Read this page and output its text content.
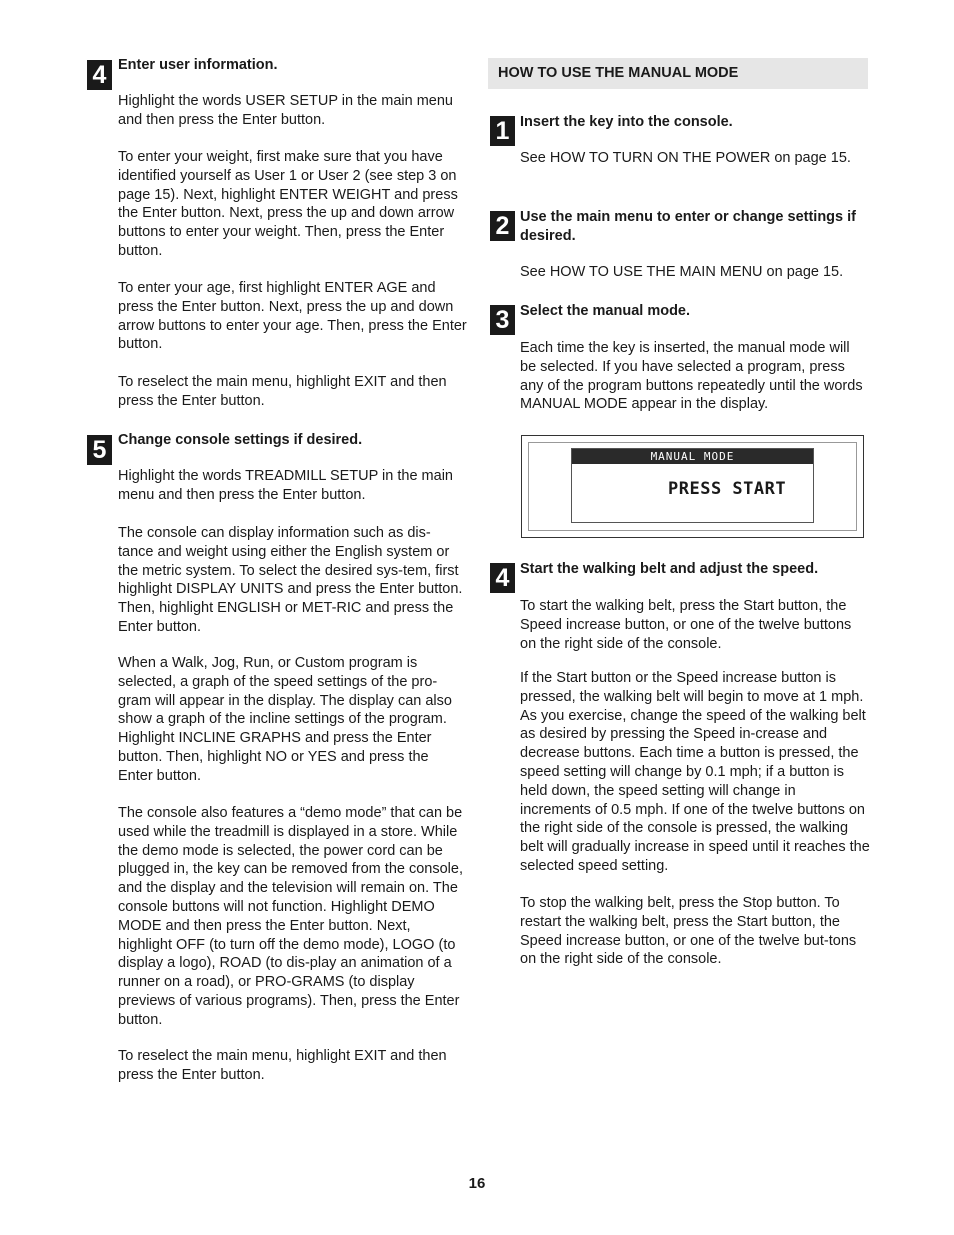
4 Enter user information.

Highlight the words USER SETUP in the main menu and then press the Enter button.

To enter your weight, first make sure that you have identified yourself as User 1 or User 2 (see step 3 on page 15). Next, highlight ENTER WEIGHT and press the Enter button. Next, press the up and down arrow buttons to enter your weight. Then, press the Enter button.

To enter your age, first highlight ENTER AGE and press the Enter button. Next, press the up and down arrow buttons to enter your age. Then, press the Enter button.

To reselect the main menu, highlight EXIT and then press the Enter button.

5 Change console settings if desired.

Highlight the words TREADMILL SETUP in the main menu and then press the Enter button.

The console can display information such as dis-tance and weight using either the English system or the metric system. To select the desired sys-tem, first highlight DISPLAY UNITS and press the Enter button. Then, highlight ENGLISH or MET-RIC and press the Enter button.

When a Walk, Jog, Run, or Custom program is selected, a graph of the speed settings of the pro-gram will appear in the display. The display can also show a graph of the incline settings of the program. Highlight INCLINE GRAPHS and press the Enter button. Then, highlight NO or YES and press the Enter button.

The console also features a “demo mode” that can be used while the treadmill is displayed in a store. While the demo mode is selected, the power cord can be plugged in, the key can be removed from the console, and the display and the television will remain on. The console buttons will not function. Highlight DEMO MODE and then press the Enter button. Next, highlight OFF (to turn off the demo mode), LOGO (to display a logo), ROAD (to dis-play an animation of a runner on a road), or PRO-GRAMS (to display previews of various programs). Then, press the Enter button.

To reselect the main menu, highlight EXIT and then press the Enter button.

HOW TO USE THE MANUAL MODE
1 Insert the key into the console.

See HOW TO TURN ON THE POWER on page 15.

2 Use the main menu to enter or change settings if desired.

See HOW TO USE THE MAIN MENU on page 15.

3 Select the manual mode.

Each time the key is inserted, the manual mode will be selected. If you have selected a program, press any of the program buttons repeatedly until the words MANUAL MODE appear in the display.

MANUAL MODE
PRESS START
4 Start the walking belt and adjust the speed.

To start the walking belt, press the Start button, the Speed increase button, or one of the twelve buttons on the right side of the console.

If the Start button or the Speed increase button is pressed, the walking belt will begin to move at 1 mph. As you exercise, change the speed of the walking belt as desired by pressing the Speed in-crease and decrease buttons. Each time a button is pressed, the speed setting will change by 0.1 mph; if a button is held down, the speed setting will change in increments of 0.5 mph. If one of the twelve buttons on the right side of the console is pressed, the walking belt will gradually increase in speed until it reaches the selected speed setting.

To stop the walking belt, press the Stop button. To restart the walking belt, press the Start button, the Speed increase button, or one of the twelve but-tons on the right side of the console.

16
